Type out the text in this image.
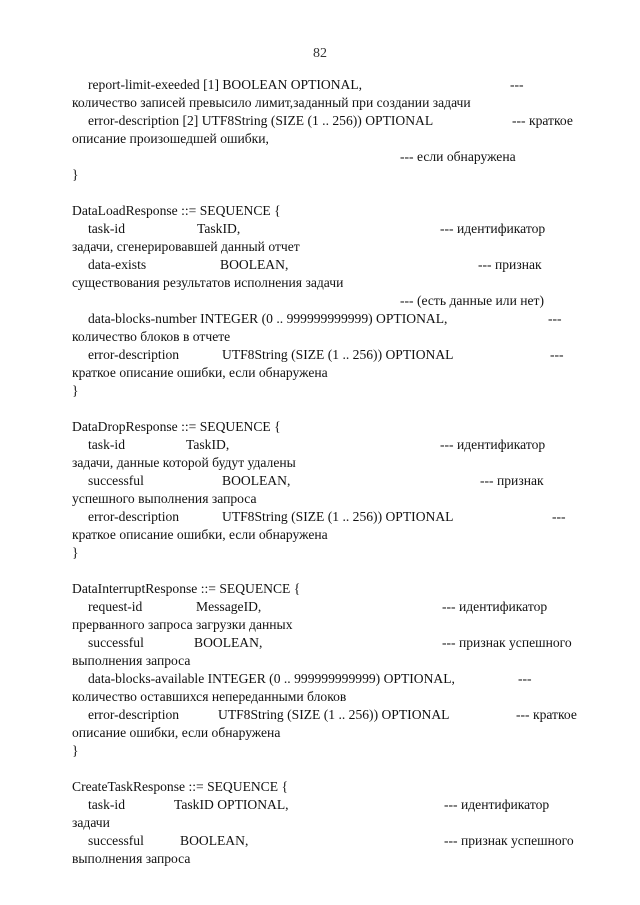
82
report-limit-exeeded [1] BOOLEAN OPTIONAL,	---
количество записей превысило лимит,заданный при создании задачи
error-description [2] UTF8String (SIZE (1 .. 256)) OPTIONAL	--- краткое
описание произошедшей ошибки,
--- если обнаружена
}
DataLoadResponse ::= SEQUENCE {
task-id	TaskID,	--- идентификатор
задачи, сгенерировавшей данный отчет
data-exists	BOOLEAN,	--- признак
существования результатов исполнения задачи
--- (есть данные или нет)
data-blocks-number INTEGER (0 .. 999999999999) OPTIONAL,	---
количество блоков в отчете
error-description	UTF8String (SIZE (1 .. 256)) OPTIONAL	---
краткое описание ошибки, если обнаружена
}
DataDropResponse ::= SEQUENCE {
task-id	TaskID,	--- идентификатор
задачи, данные которой будут удалены
successful	BOOLEAN,	--- признак
успешного выполнения запроса
error-description	UTF8String (SIZE (1 .. 256)) OPTIONAL	---
краткое описание ошибки, если обнаружена
}
DataInterruptResponse ::= SEQUENCE {
request-id	MessageID,	--- идентификатор
прерванного запроса загрузки данных
successful	BOOLEAN,	--- признак успешного
выполнения запроса
data-blocks-available INTEGER (0 .. 999999999999) OPTIONAL,	---
количество оставшихся непереданными блоков
error-description	UTF8String (SIZE (1 .. 256)) OPTIONAL	--- краткое
описание ошибки, если обнаружена
}
CreateTaskResponse ::= SEQUENCE {
task-id	TaskID OPTIONAL,	--- идентификатор
задачи
successful	BOOLEAN,	--- признак успешного
выполнения запроса
